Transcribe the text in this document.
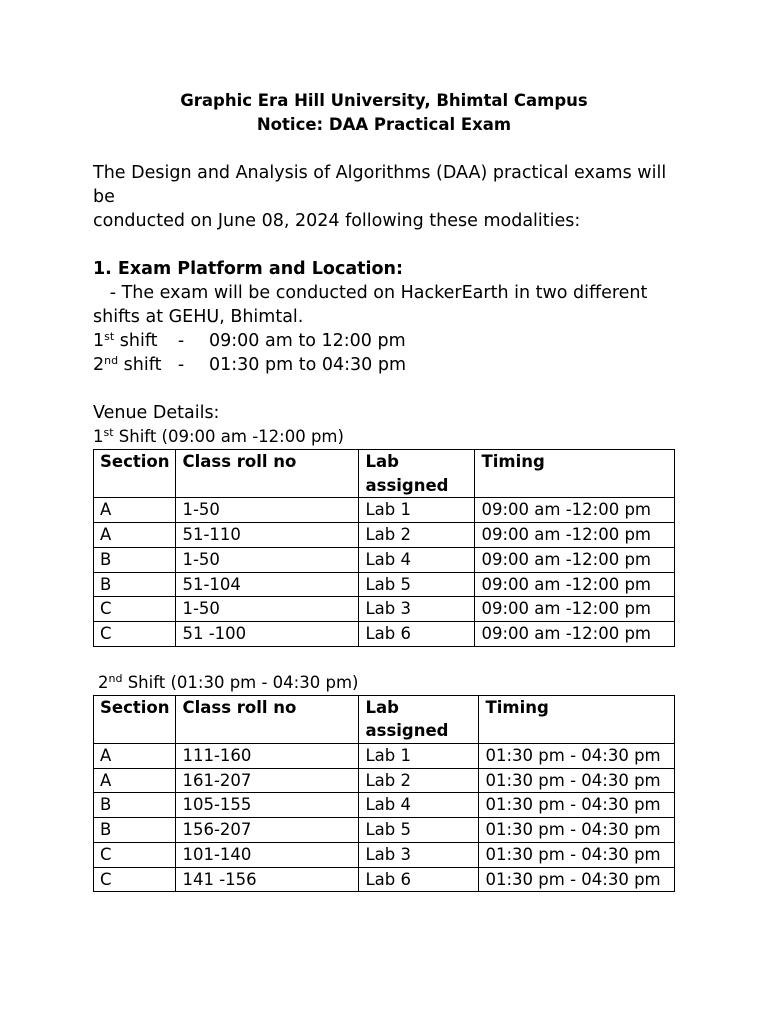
Graphic Era Hill University, Bhimtal Campus
Notice: DAA Practical Exam

The Design and Analysis of Algorithms (DAA) practical exams will be

conducted on June 08, 2024 following these modalities:

1. Exam Platform and Location:
- The exam will be conducted on HackerEarth in two different
shifts at GEHU, Bhimtal.
1st shift - 09:00 am to 12:00 pm
2nd shift - 01:30 pm to 04:30 pm
Venue Details:
1st Shift (09:00 am -12:00 pm)
Section	Class roll no	Lab
assigned	Timing
A	1-50	Lab 1	09:00 am -12:00 pm
A	51-110	Lab 2	09:00 am -12:00 pm
B	1-50	Lab 4	09:00 am -12:00 pm
B	51-104	Lab 5	09:00 am -12:00 pm
C	1-50	Lab 3	09:00 am -12:00 pm
C	51 -100	Lab 6	09:00 am -12:00 pm
2nd Shift (01:30 pm - 04:30 pm)
Section	Class roll no	Lab
assigned	Timing
A	111-160	Lab 1	01:30 pm - 04:30 pm
A	161-207	Lab 2	01:30 pm - 04:30 pm
B	105-155	Lab 4	01:30 pm - 04:30 pm
B	156-207	Lab 5	01:30 pm - 04:30 pm
C	101-140	Lab 3	01:30 pm - 04:30 pm
C	141 -156	Lab 6	01:30 pm - 04:30 pm
